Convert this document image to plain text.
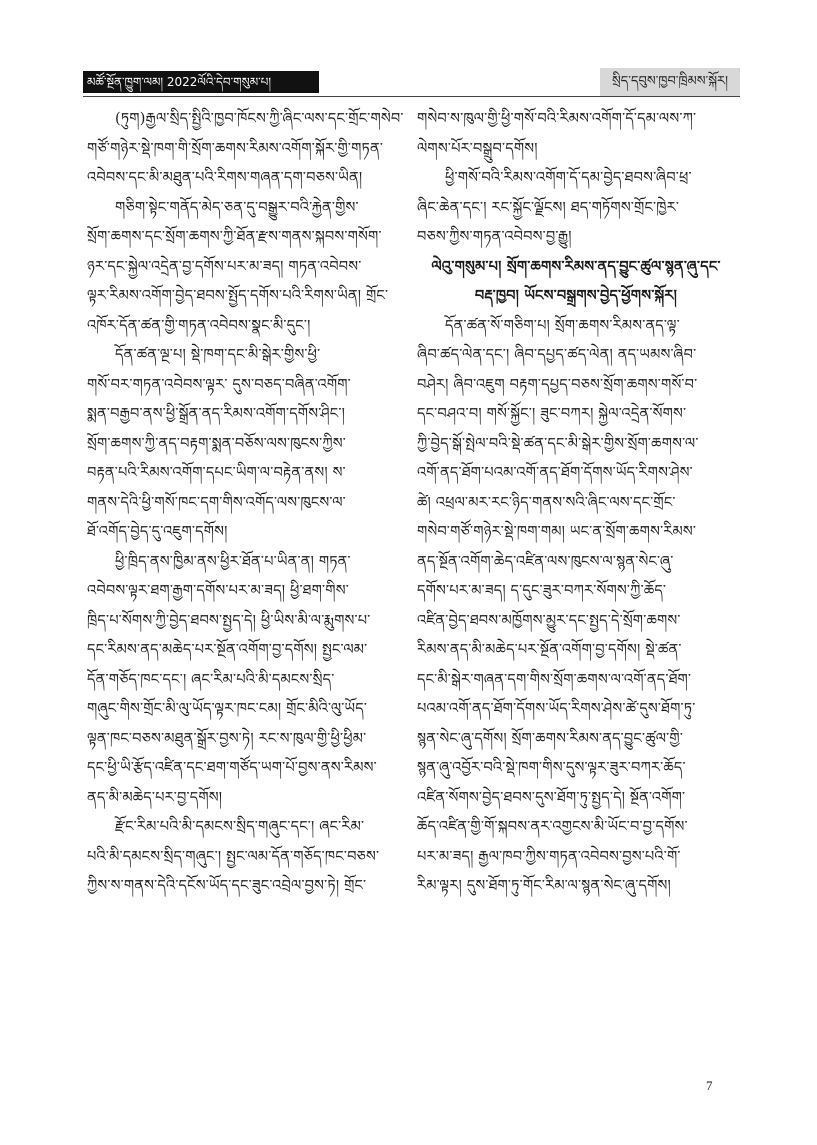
མཚོ་སྔོན་ཁྱུག་ལམ། 2022ལོའི་དེབ་གསུམ་པ།	སྲིད་དབུས་ཁྱབ་ཁྲིམས་སྐོར།
(ཏུག)རྒྱལ་སྲིད་སྤྱིའི་ཁྱབ་ཁོངས་ཀྱི་ཞིང་ལས་དང་གྲོང་གསེབ་
གཙོ་གཉེར་སྡེ་ཁག་གི་སྲོག་ཆགས་རིམས་འགོག་སྐོར་གྱི་གཏན་
འབེབས་དང་མི་མཐུན་པའི་རིགས་གཞན་དག་བཅས་ཡིན།
གཅིག་སྟེང་གནོད་མེད་ཅན་དུ་བསྒྱུར་བའི་རྐྱེན་གྱིས་
སྲོག་ཆགས་དང་སྲོག་ཆགས་ཀྱི་ཐོན་རྫས་གནས་སྐབས་གསོག་
ཉར་དང་སྐྱེལ་འདྲེན་བྱ་དགོས་པར་མ་ཟད། གཏན་འབེབས་
ལྟར་རིམས་འགོག་བྱེད་ཐབས་སྤྱོད་དགོས་པའི་རིགས་ཡིན། གྲོང་
འཁོར་དོན་ཚན་གྱི་གཏན་འབེབས་སྣང་མི་དུང་།
དོན་ཚན་ལྔ་པ། སྡེ་ཁག་དང་མི་སྒེར་གྱིས་ཕྱི་
གསོ་བར་གཏན་འབེབས་ལྟར་ དུས་བཅད་བཞིན་འགོག་
སྨན་བརྒྱབ་ནས་ཕྱི་སྒྲོན་ནད་རིམས་འགོག་དགོས་ཤིང་།
སྲོག་ཆགས་ཀྱི་ནད་བརྟག་སྨན་བཅོས་ལས་ཁུངས་ཀྱིས་
བརྟན་པའི་རིམས་འགོག་དཔང་ཡིག་ལ་བརྟེན་ནས། ས་
གནས་དེའི་ཕྱི་གསོ་ཁང་དག་གིས་འགོད་ལས་ཁུངས་ལ་
ཐོ་འགོད་བྱེད་དུ་འཇུག་དགོས།
ཕྱི་ཁྲིད་ནས་ཁྱིམ་ནས་ཕྱིར་ཐོན་པ་ཡིན་ན། གཏན་
འབེབས་ལྟར་ཐག་རྒྱག་དགོས་པར་མ་ཟད། ཕྱི་ཐག་གིས་
ཁྲིད་པ་སོགས་ཀྱི་བྱེད་ཐབས་སྤྱད་དེ། ཕྱི་ཡིས་མི་ལ་རྨུགས་པ་
དང་རིམས་ནད་མཆེད་པར་སྔོན་འགོག་བྱ་དགོས། སྤྱང་ལམ་
དོན་གཅོད་ཁང་དང་། ཞང་རིམ་པའི་མི་དམངས་སྲིད་
གཞུང་གིས་གྲོང་མི་ལུ་ཡོད་ལྟར་ཁང་ངམ། གྲོང་མིའི་ལུ་ཡོད་
ལྟན་ཁང་བཅས་མཐུན་སྒྲོར་བྱས་ཏེ། རང་ས་ཁུལ་གྱི་ཕྱི་ཕྱིམ་
དང་ཕྱི་ཡི་རྩོད་འཛིན་དང་ཐག་གཙོད་ཡག་པོ་བྱས་ནས་རིམས་
ནད་མི་མཆེད་པར་བྱ་དགོས།
རྫོང་རིམ་པའི་མི་དམངས་སྲིད་གཞུང་དང་། ཞང་རིམ་
པའི་མི་དམངས་སྲིད་གཞུང་། སྤྱང་ལམ་དོན་གཅོད་ཁང་བཅས་
ཀྱིས་ས་གནས་དེའི་དངོས་ཡོད་དང་ཟུང་འབྲེལ་བྱས་ཏེ། གྲོང་
གསེབ་ས་ཁུལ་གྱི་ཕྱི་གསོ་བའི་རིམས་འགོག་དོ་དམ་ལས་ཀ་
ལེགས་པོར་བསྒྲུབ་དགོས།
ཕྱི་གསོ་བའི་རིམས་འགོག་དོ་དམ་བྱེད་ཐབས་ཞིབ་ཕྲ་
ཞིང་ཆེན་དང་། རང་སྐྱོང་ལྗོངས། ཐད་གཏོགས་གྲོང་ཁྱེར་
བཅས་ཀྱིས་གཏན་འབེབས་བྱ་རྒྱུ།
ལེའུ་གསུམ་པ། སྲོག་ཆགས་རིམས་ནད་བྱུང་ཚུལ་སྙན་ཞུ་དང་
བརྡ་ཁྱབ། ཡོངས་བསྒྲགས་བྱེད་ཕྱོགས་སྐོར།
དོན་ཚན་སོ་གཅིག་པ། སྲོག་ཆགས་རིམས་ནད་ལྟ་
ཞིབ་ཚད་ལེན་དང་། ཞིབ་དཔྱད་ཚད་ལེན། ནད་ཡམས་ཞིབ་
བཤེར། ཞིབ་འཇུག བརྟག་དཔྱད་བཅས་སྲོག་ཆགས་གསོ་བ་
དང་བཤའ་བ། གསོ་སྐྱོང་། ཟུང་བཀར། སྐྱེལ་འདྲེན་སོགས་
ཀྱི་བྱེད་སྒོ་སྤེལ་བའི་སྡེ་ཚན་དང་མི་སྒེར་གྱིས་སྲོག་ཆགས་ལ་
འགོ་ནད་ཐོག་པའམ་འགོ་ནད་ཐོག་དོགས་ཡོད་རིགས་ཤེས་
ཚེ། འཕྲལ་མར་རང་ཉིད་གནས་སའི་ཞིང་ལས་དང་གྲོང་
གསེབ་གཙོ་གཉེར་སྡེ་ཁག་གམ། ཡང་ན་སྲོག་ཆགས་རིམས་
ནད་སྔོན་འགོག་ཆེད་འཛིན་ལས་ཁུངས་ལ་སྙན་སེང་ཞུ་
དགོས་པར་མ་ཟད། ད་དུང་ཟུར་བཀར་སོགས་ཀྱི་ཆོད་
འཛིན་བྱེད་ཐབས་མཁྱོགས་མྱུར་དང་སྤྱད་དེ་སྲོག་ཆགས་
རིམས་ནད་མི་མཆེད་པར་སྔོན་འགོག་བྱ་དགོས། སྡེ་ཚན་
དང་མི་སྒེར་གཞན་དག་གིས་སྲོག་ཆགས་ལ་འགོ་ནད་ཐོག་
པའམ་འགོ་ནད་ཐོག་དོགས་ཡོད་རིགས་ཤེས་ཚེ་དུས་ཐོག་ཏུ་
སྙན་སེང་ཞུ་དགོས། སྲོག་ཆགས་རིམས་ནད་བྱུང་ཚུལ་གྱི་
སྙན་ཞུ་འབྱོར་བའི་སྡེ་ཁག་གིས་དུས་ལྟར་ཟུར་བཀར་ཆོད་
འཛིན་སོགས་བྱེད་ཐབས་དུས་ཐོག་ཏུ་སྤྱད་དེ། སྔོན་འགོག་
ཆོད་འཛིན་གྱི་གོ་སྐབས་ནར་འགྱངས་མི་ཡོང་བ་བྱ་དགོས་
པར་མ་ཟད། རྒྱལ་ཁབ་ཀྱིས་གཏན་འབེབས་བྱས་པའི་གོ་
རིམ་ལྟར། དུས་ཐོག་ཏུ་གོང་རིམ་ལ་སྙན་སེང་ཞུ་དགོས།
7
